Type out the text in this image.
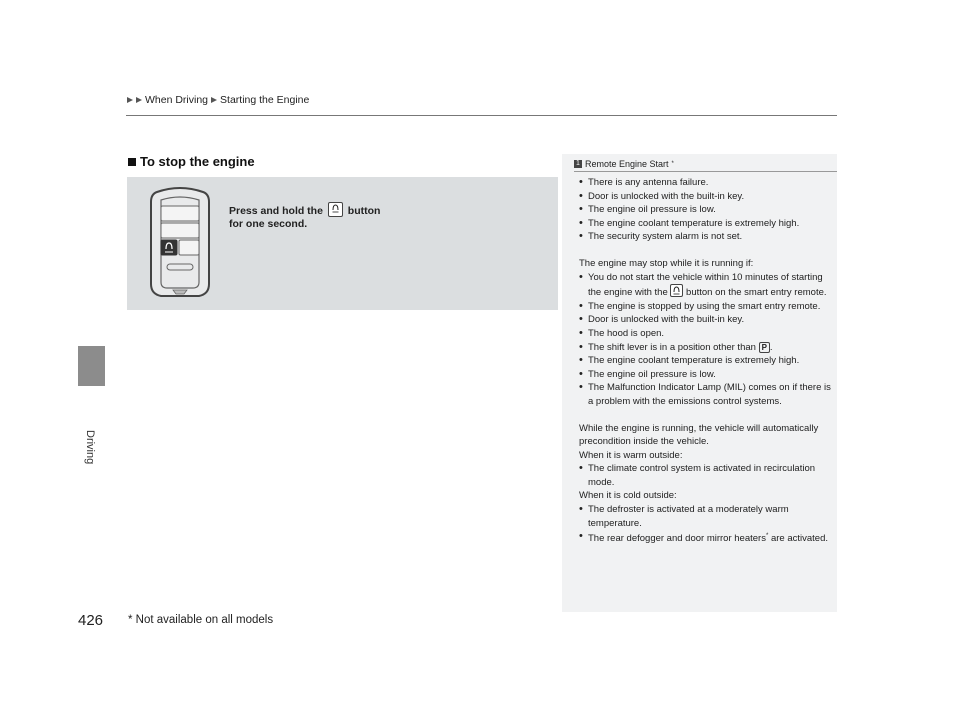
When Driving Starting the Engine
Driving
To stop the engine
Press and hold the button
for one second.
1 Remote Engine Start *
• There is any antenna failure.
• Door is unlocked with the built-in key.
• The engine oil pressure is low.
• The engine coolant temperature is extremely high.
• The security system alarm is not set.
The engine may stop while it is running if:
• You do not start the vehicle within 10 minutes of starting the engine with the button on the smart entry remote.
• The engine is stopped by using the smart entry remote.
• Door is unlocked with the built-in key.
• The hood is open.
• The shift lever is in a position other than P .
• The engine coolant temperature is extremely high.
• The engine oil pressure is low.
• The Malfunction Indicator Lamp (MIL) comes on if there is a problem with the emissions control systems.
While the engine is running, the vehicle will automatically precondition inside the vehicle.
When it is warm outside:
• The climate control system is activated in recirculation mode.
When it is cold outside:
• The defroster is activated at a moderately warm temperature.
• The rear defogger and door mirror heaters* are activated.
426 * Not available on all models
